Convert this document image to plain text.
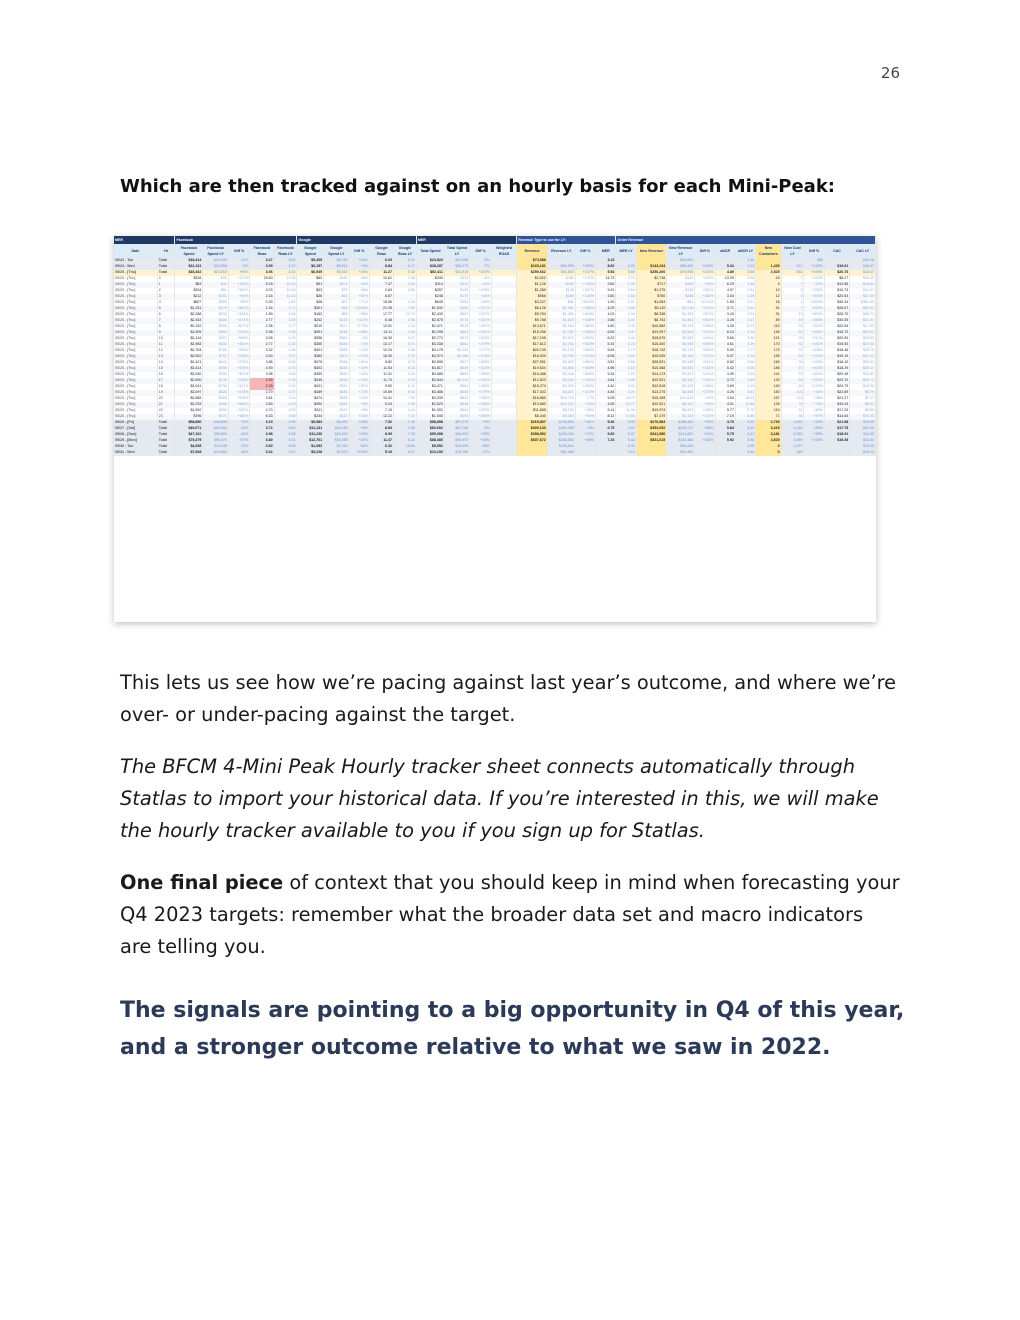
26
Which are then tracked against on an hourly basis for each Mini-Peak:
MER		Facebook					Google					MER				Revenue Type to use for LY:				Order Revenue										
Date	Hr	Facebook Spend	Facebook Spend LY	Diff %	Facebook Roas	Facebook Roas LY	Google Spend	Google Spend LY	Diff %	Google Roas	Google Roas LY	Total Spend	Total Spend LY	Diff %	Weighted ROAS	Revenue	Revenue LY	Diff %	MER	MER LY	New Revenue	New Revenue LY	Diff %	aNCR	aNCR LY	New Customers	New Cust LY	Diff %	CAC	CAC LY
05/23 - Tue	Total	$18,414	$33,605	-11%	3.27	3.92	$5,409	$6,749	+16%	6.03	5.12	$23,823	$31,358	-8%		$74,588			3.13			$84,891			2.36			359		$30.18
05/24 - Wed	Total	$22,131	$24,558	-9%	3.99	3.37	$6,157	$5,941	+4%	8.84	6.17	$28,287	$30,279	-7%		$165,181	$62,599	+165%	8.60	3.90	$143,234	$56,303	+169%	5.34	1.64	1,439	612	+135%	$19.61	$49.47
05/25 - [Thu]	Total	$45,462	$23,519	+93%	3.06	3.20	$6,949	$5,344	+30%	11.27	5.40	$52,411	$31,915	+237%		$290,662	$91,830	+217%	5.53	5.89	$256,206	$79,695	+224%	4.89	5.08	2,525	862	+200%	$20.76	$18.67
05/25 - [Thu]	0	$326	$31	+127%	29.60	17.93	$82	$160	-49%	10.81	2.06	$330	$211	-6%		$2,022	$781	+172%	14.73	3.72	$2,716	$412	+243%	13.09	2.96	24	7	+243%	$8.27	$30.20
05/25 - [Thu]	1	$63	$31	+103%	5.18	15.24	$51	$101	-49%	7.37	3.66	$114	$112	-14%		$1,126	$459	+145%	9.80	1.49	$717	$409	+93%	6.29	3.48	9	7	+29%	$12.65	$16.84
05/25 - [Thu]	2	$204	$51	+302%	3.03	10.83	$53	$72	-26%	2.63	4.85	$257	$125	+105%		$1,289	$138	+837%	5.91	3.54	$1,275	$138	+902%	4.97	0.54	13	3	+333%	$19.73	$41.67
05/25 - [Thu]	3	$212	$151	+40%	2.16	10.13	$36	$22	+67%	6.67		$248	$172	+44%		$966	$389	+146%	3.80	1.68	$750	$288	+160%	3.03	1.68	12	3	+300%	$20.63	$57.45
05/25 - [Thu]	4	$607	$359	+69%	0.33	1.87	$38	$22	+71%	15.56	3.25	$645	$381	+69%		$3,227	$81	+3810%	1.90	0.21	$1,064	$81	+1214%	1.65	0.21	16	1	+1500%	$40.34	$381.53
05/25 - [Thu]	5	$1,331	$276	+382%	1.34	1.71	$301	$14	+2050%	21.35	7.66	$1,632	$390	+317%		$6,126	$1,081	+466%	4.29	3.68	$5,110	$1,018	+402%	3.71	3.02	51	7	+629%	$28.07	$42.90
05/25 - [Thu]	6	$2,288	$532	+343%	1.89	3.64	$162	$83	+95%	17.77	10.73	$2,430	$597	+307%		$9,794	$1,389	+605%	4.03	2.34	$8,336	$1,309	+537%	3.43	2.34	91	13	+600%	$26.70	$45.71
05/25 - [Thu]	7	$2,433	$650	+274%	2.77	3.84	$242	$114	+112%	6.48	3.46	$2,675	$770	+247%		$9,788	$1,820	+438%	3.66	2.34	$8,763	$1,561	+461%	3.28	3.01	89	19	+368%	$30.05	$41.03
05/25 - [Thu]	8	$2,152	$296	+627%	2.36	3.77	$319	$117	+173%	12.51	2.18	$2,471	$413	+497%		$13,671	$2,954	+363%	4.80	4.40	$10,582	$2,429	+336%	4.28	6.23	110	26	+323%	$20.54	$17.52
05/25 - [Thu]	9	$1,905	$553	+244%	2.98	2.90	$391	$248	+58%	13.11	4.08	$2,295	$801	+187%		$15,256	$2,782	+448%	6.65	3.47	$13,997	$2,683	+422%	6.10	3.35	146	32	+356%	$15.72	$25.02
05/25 - [Thu]	10	$2,416	$307	+686%	3.05	5.29	$356	$363	-2%	16.30	9.47	$2,772	$670	+313%		$17,245	$2,870	+500%	6.22	4.42	$15,679	$2,653	+491%	5.66	3.96	121	29	+317%	$22.90	$23.03
05/25 - [Thu]	11	$2,983	$532	+461%	2.77	3.15	$355	$349	+2%	13.17	5.74	$3,338	$881	+279%		$17,613	$2,782	+533%	5.32	3.23	$15,400	$2,590	+495%	4.61	3.29	170	32	+431%	$19.53	$27.04
05/25 - [Thu]	12	$2,754	$780	+253%	3.32	3.56	$401	$356	+13%	10.24	3.68	$3,175	$1,144	+177%		$20,749	$3,125	+564%	6.54	2.74	$18,742	$3,125	+500%	5.90	2.77	172	32	+438%	$18.46	$35.76
05/25 - [Thu]	13	$2,592	$767	+238%	3.40	3.07	$382	$302	+27%	16.30	3.76	$2,974	$1,068	+178%		$18,009	$3,798	+374%	6.06	3.52	$15,005	$3,182	+372%	5.07	3.35	155	33	+370%	$19.19	$32.43
05/25 - [Thu]	14	$2,421	$641	+278%	3.86	3.66	$475	$296	+61%	8.82	4.75	$2,896	$937	+209%		$27,551	$3,620	+661%	9.51	3.55	$25,531	$3,448	+641%	8.82	3.68	160	30	+433%	$18.10	$32.02
05/25 - [Thu]	15	$3,414	$595	+474%	4.90	3.70	$403	$330	+22%	11.54	8.33	$3,817	$925	+313%		$19,634	$3,865	+408%	4.96	4.18	$15,368	$3,693	+316%	5.42	4.05	186	37	+403%	$18.29	$25.17
05/25 - [Thu]	16	$3,530	$634	+457%	3.98	3.68	$359	$250	+44%	11.31	2.33	$3,889	$885	+339%		$15,486	$2,048	+656%	5.34	2.29	$14,173	$2,827	+401%	4.95	3.04	141	19	+642%	$20.49	$32.80
05/25 - [Thu]	17	$2,500	$740	+238%	2.42	2.93	$345	$266	+30%	11.74	4.75	$2,844	$1,010	+182%		$12,623	$4,330	+192%	4.84	4.06	$10,531	$4,329	+143%	3.72	3.99	120	34	+253%	$23.70	$29.70
05/25 - [Thu]	18	$3,041	$730	+317%	2.25	3.39	$431	$231	+87%	9.60	6.11	$3,471	$961	+260%		$15,274	$3,300	+363%	4.40	3.01	$12,816	$4,328	+196%	3.69	4.49	140	60	+133%	$24.79	$13.96
05/25 - [Thu]	19	$3,097	$825	+275%	2.70	3.07	$489	$283	+73%	10.69	6.04	$3,586	$945	+279%		$17,302	$3,027	+472%	4.84	3.20	$13,275	$2,808	+373%	4.26	3.61	150	103	+46%	$22.69	$8.79
05/25 - [Thu]	20	$2,865	$455	+529%	2.61	3.24	$474	$389	+22%	10.41	7.94	$3,339	$844	+296%		$16,860	$15,718	+7%	5.05	18.70	$15,159	$12,634	+20%	4.54	15.03	157	118	+38%	$21.27	$7.17
05/25 - [Thu]	21	$2,233	$286	+680%	3.60	4.26	$390	$362	+8%	9.24	3.98	$2,623	$648	+305%		$13,680	$10,232	+34%	4.65	15.79	$10,521	$8,151	+29%	4.01	12.58	135	75	+78%	$19.43	$8.63
05/25 - [Thu]	22	$1,592	$252	+532%	4.70	3.63	$311	$197	+8%	7.15	3.44	$1,902	$540	+252%		$11,685	$6,133	+90%	6.14	11.36	$10,974	$5,203	+108%	5.77	9.75	110	61	+80%	$17.29	$8.85
05/25 - [Thu]	23	$796	$171	+365%	6.33	3.68	$244	$222	+10%	12.22	7.10	$1,040	$393	+164%		$8,440	$4,350	+94%	8.12	10.85	$7,479	$3,323	+124%	7.19	8.56	71	35	+97%	$14.64	$10.93
05/26 - [Fri]	Total	$58,850	$48,835	+0%	3.15	3.59	$9,983	$8,454	+18%	7.52	7.40	$58,858	$57,276	+3%		$315,807	$235,654	+41%	5.36	3.98	$276,584	$188,492	+39%	4.70	3.46	2,730	1,516	+44%	$21.58	$19.65
05/27 - [Sat]	Total	$49,671	$56,530	-12%	3.72	3.66	$11,131	$10,238	+9%	8.83	7.08	$60,602	$61,768	-9%		$409,133	$281,905	+8%	6.75	3.61	$354,052	$210,717	+83%	5.84	3.25	3,415	2,150	+59%	$17.75	$31.05
05/28 - [Sun]	Total	$47,162	$55,860	-16%	3.98	3.89	$11,236	$10,233	+10%	8.99	7.40	$59,398	$46,093	+29%		$398,952	$239,284	+71%	6.60	3.47	$341,580	$211,801	+61%	5.75	3.21	3,181	2,366	+35%	$18.91	$11.99
05/29 - [Mon]	Total	$75,379	$59,070	+27%	3.80	3.21	$12,701	$16,355	+22%	11.47	6.22	$88,080	$66,973	+26%		$607,672	$288,383	+88%	7.24	5.42	$521,615	$243,488	+110%	5.92	4.98	4,520	2,069	+115%	$19.45	$32.44
05/30 - Tue	Total	$4,538	$16,345	-73%	0.60	4.59	$1,052	$2,764	-64%	6.32	10.80	$5,592	$19,069	-59%			$153,844			5.43		$94,434			4.98	0	1,077			$13.68
05/31 - Wed	Total	$7,928	$13,853	-45%	3.22	3.57	$5,228	$1,972	+165%	5.19	9.27	$13,150	$15,785	-17%			$81,988			5.19		$63,302			3.99	0	329			$25.12

This lets us see how we’re pacing against last year’s outcome, and where we’re over- or under-pacing against the target.

The BFCM 4-Mini Peak Hourly tracker sheet connects automatically through Statlas to import your historical data. If you’re interested in this, we will make the hourly tracker available to you if you sign up for Statlas.

One final piece of context that you should keep in mind when forecasting your Q4 2023 targets: remember what the broader data set and macro indicators are telling you.

The signals are pointing to a big opportunity in Q4 of this year, and a stronger outcome relative to what we saw in 2022.
